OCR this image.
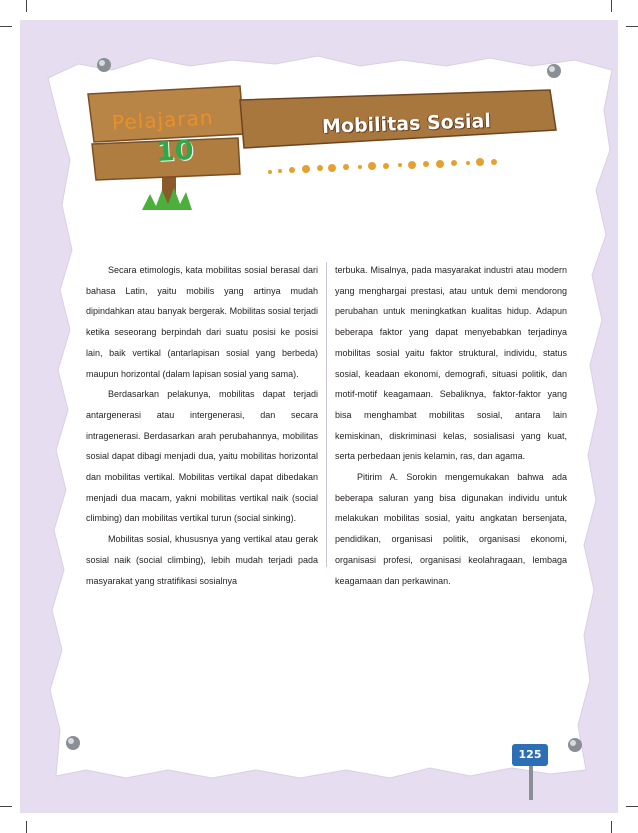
Pelajaran
10
Mobilitas Sosial

Secara etimologis, kata mobilitas sosial berasal dari bahasa Latin, yaitu mobilis yang artinya mudah dipindahkan atau banyak bergerak. Mobilitas sosial terjadi ketika seseorang berpindah dari suatu posisi ke posisi lain, baik vertikal (antarlapisan sosial yang berbeda) maupun horizontal (dalam lapisan sosial yang sama).

Berdasarkan pelakunya, mobilitas dapat terjadi antargenerasi atau intergenerasi, dan secara intragenerasi. Berdasarkan arah perubahannya, mobilitas sosial dapat dibagi menjadi dua, yaitu mobilitas horizontal dan mobilitas vertikal. Mobilitas vertikal dapat dibedakan menjadi dua macam, yakni mobilitas vertikal naik (social climbing) dan mobilitas vertikal turun (social sinking).

Mobilitas sosial, khususnya yang vertikal atau gerak sosial naik (social climbing), lebih mudah terjadi pada masyarakat yang stratifikasi sosialnya

terbuka. Misalnya, pada masyarakat industri atau modern yang menghargai prestasi, atau untuk demi mendorong perubahan untuk meningkatkan kualitas hidup. Adapun beberapa faktor yang dapat menyebabkan terjadinya mobilitas sosial yaitu faktor struktural, individu, status sosial, keadaan ekonomi, demografi, situasi politik, dan motif-motif keagamaan. Sebaliknya, faktor-faktor yang bisa menghambat mobilitas sosial, antara lain kemiskinan, diskriminasi kelas, sosialisasi yang kuat, serta perbedaan jenis kelamin, ras, dan agama.

Pitirim A. Sorokin mengemukakan bahwa ada beberapa saluran yang bisa digunakan individu untuk melakukan mobilitas sosial, yaitu angkatan bersenjata, pendidikan, organisasi politik, organisasi ekonomi, organisasi profesi, organisasi keolahragaan, lembaga keagamaan dan perkawinan.

125
